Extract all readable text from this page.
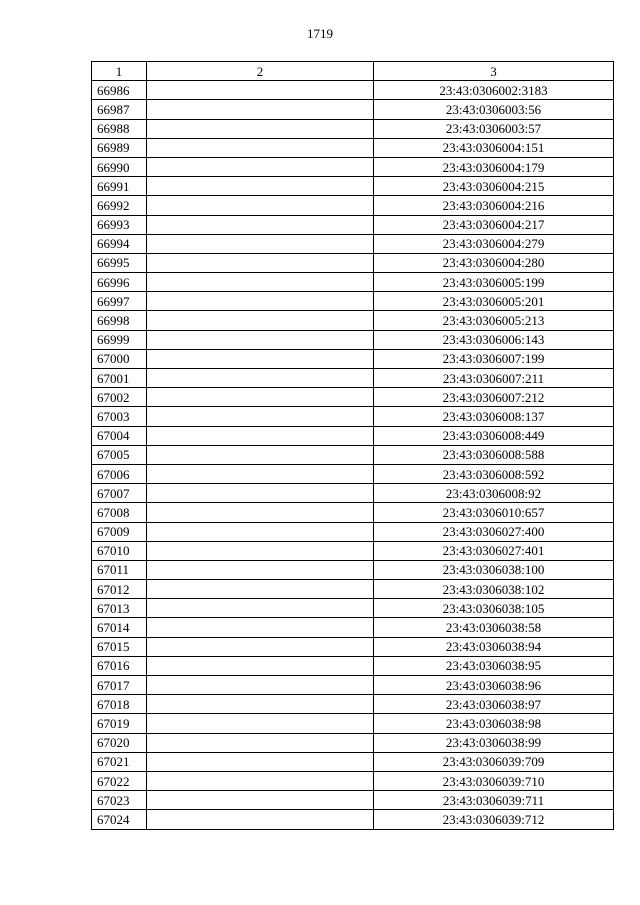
1719
1	2	3
66986		23:43:0306002:3183
66987		23:43:0306003:56
66988		23:43:0306003:57
66989		23:43:0306004:151
66990		23:43:0306004:179
66991		23:43:0306004:215
66992		23:43:0306004:216
66993		23:43:0306004:217
66994		23:43:0306004:279
66995		23:43:0306004:280
66996		23:43:0306005:199
66997		23:43:0306005:201
66998		23:43:0306005:213
66999		23:43:0306006:143
67000		23:43:0306007:199
67001		23:43:0306007:211
67002		23:43:0306007:212
67003		23:43:0306008:137
67004		23:43:0306008:449
67005		23:43:0306008:588
67006		23:43:0306008:592
67007		23:43:0306008:92
67008		23:43:0306010:657
67009		23:43:0306027:400
67010		23:43:0306027:401
67011		23:43:0306038:100
67012		23:43:0306038:102
67013		23:43:0306038:105
67014		23:43:0306038:58
67015		23:43:0306038:94
67016		23:43:0306038:95
67017		23:43:0306038:96
67018		23:43:0306038:97
67019		23:43:0306038:98
67020		23:43:0306038:99
67021		23:43:0306039:709
67022		23:43:0306039:710
67023		23:43:0306039:711
67024		23:43:0306039:712
